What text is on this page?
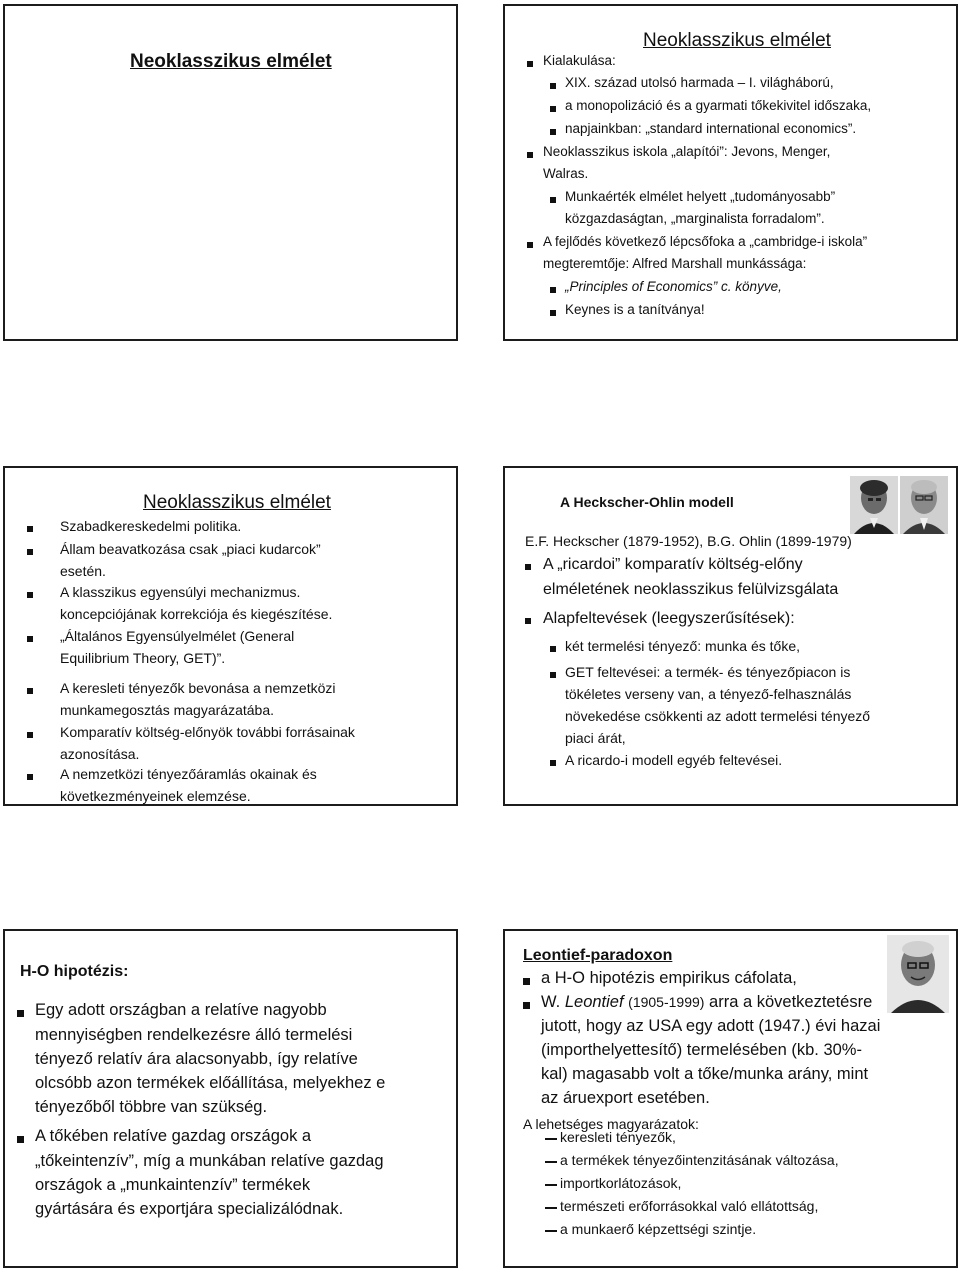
Neoklasszikus elmélet
Neoklasszikus elmélet
Kialakulása:
XIX. század utolsó harmada – I. világháború,
a monopolizáció és a gyarmati tőkekivitel időszaka,
napjainkban: „standard international economics”.
Neoklasszikus iskola „alapítói”: Jevons, Menger,
Walras.
Munkaérték elmélet helyett „tudományosabb”
közgazdaságtan, „marginalista forradalom”.
A fejlődés következő lépcsőfoka a „cambridge-i iskola”
megteremtője: Alfred Marshall munkássága:
„Principles of Economics” c. könyve,
Keynes is a tanítványa!
Neoklasszikus elmélet
Szabadkereskedelmi politika.
Állam beavatkozása csak „piaci kudarcok”
esetén.
A klasszikus egyensúlyi mechanizmus.
koncepciójának korrekciója és kiegészítése.
„Általános Egyensúlyelmélet (General
Equilibrium Theory, GET)”.
A keresleti tényezők bevonása a nemzetközi
munkamegosztás magyarázatába.
Komparatív költség-előnyök további forrásainak
azonosítása.
A nemzetközi tényezőáramlás okainak és
következményeinek elemzése.
A Heckscher-Ohlin modell
E.F. Heckscher (1879-1952), B.G. Ohlin (1899-1979)
A „ricardoi” komparatív költség-előny
elméletének neoklasszikus felülvizsgálata
Alapfeltevések (leegyszerűsítések):
két termelési tényező: munka és tőke,
GET feltevései: a termék- és tényezőpiacon is
tökéletes verseny van, a tényező-felhasználás
növekedése csökkenti az adott termelési tényező
piaci árát,
A ricardo-i modell egyéb feltevései.
H-O hipotézis:
Egy adott országban a relatíve nagyobb
mennyiségben rendelkezésre álló termelési
tényező relatív ára alacsonyabb, így relatíve
olcsóbb azon termékek előállítása, melyekhez e
tényezőből többre van szükség.
A tőkében relatíve gazdag országok a
„tőkeintenzív”, míg a munkában relatíve gazdag
országok a „munkaintenzív” termékek
gyártására és exportjára specializálódnak.
Leontief-paradoxon
a H-O hipotézis empirikus cáfolata,
W. Leontief (1905-1999) arra a következtetésre
jutott, hogy az USA egy adott (1947.) évi hazai
(importhelyettesítő) termelésében (kb. 30%-
kal) magasabb volt a tőke/munka arány, mint
az áruexport esetében.
A lehetséges magyarázatok:
keresleti tényezők,
a termékek tényezőintenzitásának változása,
importkorlátozások,
természeti erőforrásokkal való ellátottság,
a munkaerő képzettségi szintje.
